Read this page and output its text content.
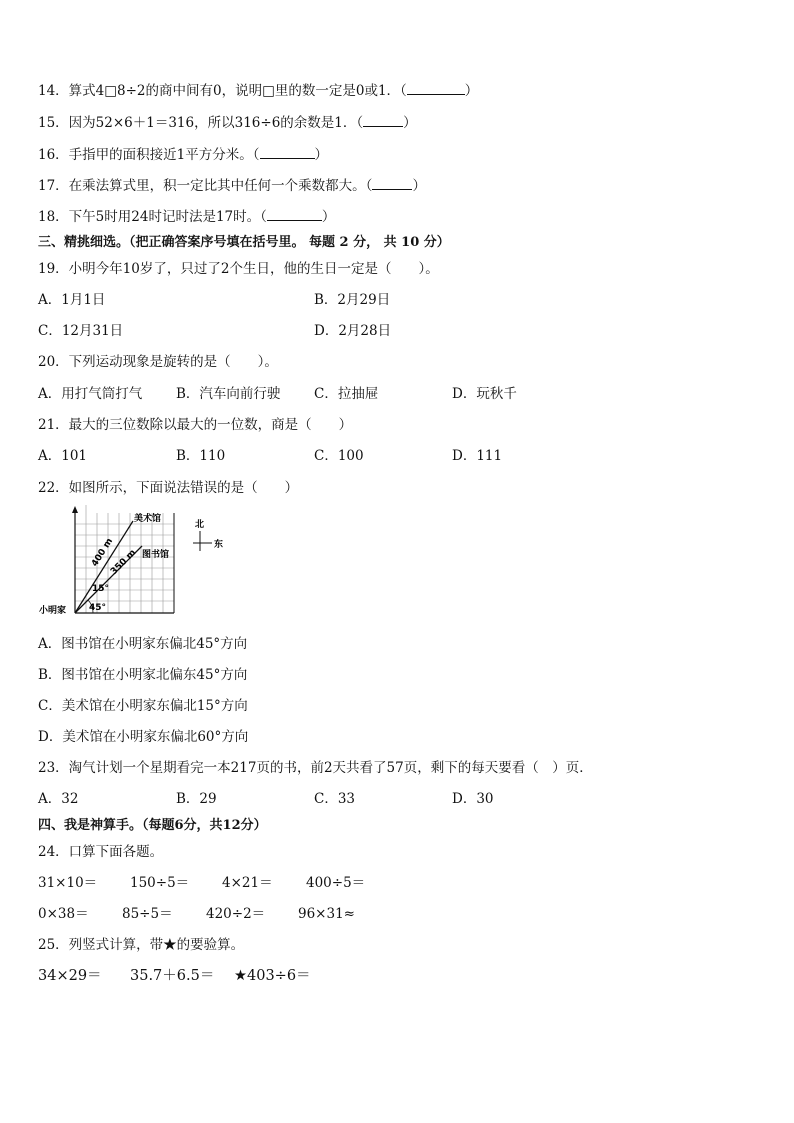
14．算式4□8÷2的商中间有0，说明□里的数一定是0或1．（	）
15．因为52×6＋1＝316，所以316÷6的余数是1．（	）
16．手指甲的面积接近1平方分米。（	）
17．在乘法算式里，积一定比其中任何一个乘数都大。（	）
18．下午5时用24时记时法是17时。（	）
三、精挑细选。（把正确答案序号填在括号里。 每题 2 分， 共 10 分）
19．小明今年10岁了，只过了2个生日，他的生日一定是（　　）。
A．1月1日	B．2月29日
C．12月31日	D．2月28日
20．下列运动现象是旋转的是（　　）。
A．用打气筒打气	B．汽车向前行驶 C．拉抽屉	D．玩秋千
21．最大的三位数除以最大的一位数，商是（　　）
A．101	B．110	C．100	D．111
22．如图所示，下面说法错误的是（　　）
小明家
美术馆
图书馆
400 m
350 m
15°
45°
北
东
A．图书馆在小明家东偏北45°方向
B．图书馆在小明家北偏东45°方向
C．美术馆在小明家东偏北15°方向
D．美术馆在小明家东偏北60°方向
23．淘气计划一个星期看完一本217页的书，前2天共看了57页，剩下的每天要看（　）页．
A．32	B．29	C．33	D．30
四、我是神算手。（每题6分，共12分）
24．口算下面各题。
31×10＝ 150÷5＝ 4×21＝ 400÷5＝
0×38＝ 85÷5＝ 420÷2＝ 96×31≈
25．列竖式计算，带★的要验算。
34×29＝ 35.7＋6.5＝ ★403÷6＝
